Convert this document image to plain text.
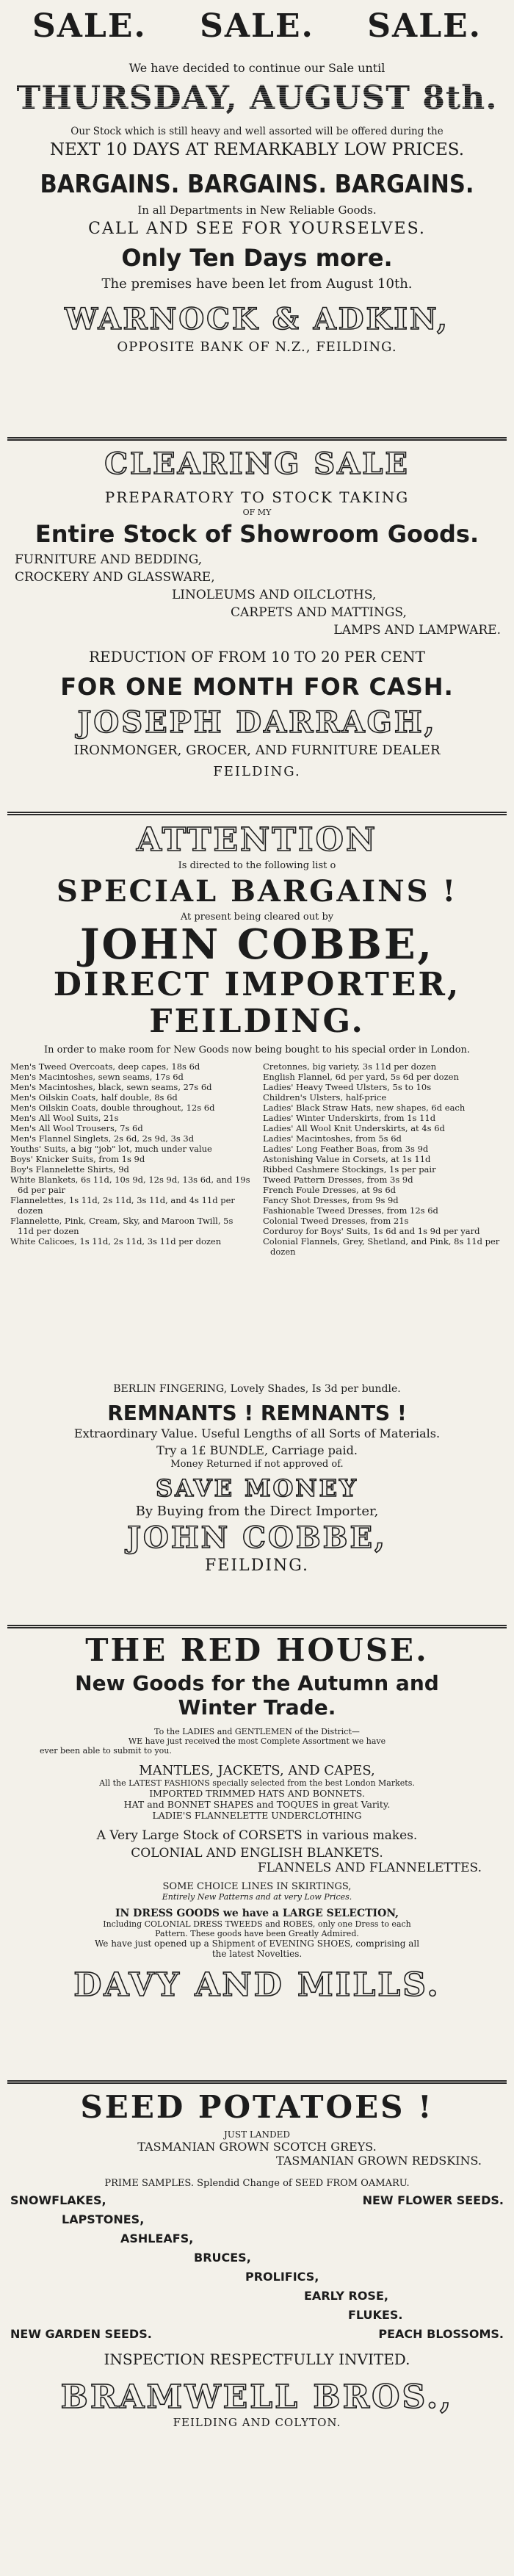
SALE. SALE. SALE.
We have decided to continue our Sale until
THURSDAY, AUGUST 8th.
Our Stock which is still heavy and well assorted will be offered during the
NEXT 10 DAYS AT REMARKABLY LOW PRICES.
BARGAINS. BARGAINS. BARGAINS.
In all Departments in New Reliable Goods.
CALL AND SEE FOR YOURSELVES.
Only Ten Days more.
The premises have been let from August 10th.
WARNOCK & ADKIN,
OPPOSITE BANK OF N.Z., FEILDING.
CLEARING SALE
PREPARATORY TO STOCK TAKING
OF MY
Entire Stock of Showroom Goods.
FURNITURE AND BEDDING,
CROCKERY AND GLASSWARE,
LINOLEUMS AND OILCLOTHS,
CARPETS AND MATTINGS,
LAMPS AND LAMPWARE.
REDUCTION OF FROM 10 TO 20 PER CENT
FOR ONE MONTH FOR CASH.
JOSEPH DARRAGH,
IRONMONGER, GROCER, AND FURNITURE DEALER
FEILDING.
ATTENTION
Is directed to the following list o
SPECIAL BARGAINS !
At present being cleared out by
JOHN COBBE,
DIRECT IMPORTER,
FEILDING.
In order to make room for New Goods now being bought to his special order in London.
Men's Tweed Overcoats, deep capes, 18s 6d
Men's Macintoshes, sewn seams, 17s 6d
Men's Macintoshes, black, sewn seams, 27s 6d
Men's Oilskin Coats, half double, 8s 6d
Men's Oilskin Coats, double throughout, 12s 6d
Men's All Wool Suits, 21s
Men's All Wool Trousers, 7s 6d
Men's Flannel Singlets, 2s 6d, 2s 9d, 3s 3d
Youths' Suits, a big "job" lot, much under value
Boys' Knicker Suits, from 1s 9d
Boy's Flannelette Shirts, 9d
White Blankets, 6s 11d, 10s 9d, 12s 9d, 13s 6d, and 19s 6d per pair
Flannelettes, 1s 11d, 2s 11d, 3s 11d, and 4s 11d per dozen
Flannelette, Pink, Cream, Sky, and Maroon Twill, 5s 11d per dozen
White Calicoes, 1s 11d, 2s 11d, 3s 11d per dozen
Cretonnes, big variety, 3s 11d per dozen
English Flannel, 6d per yard, 5s 6d per dozen
Ladies' Heavy Tweed Ulsters, 5s to 10s
Children's Ulsters, half-price
Ladies' Black Straw Hats, new shapes, 6d each
Ladies' Winter Underskirts, from 1s 11d
Ladies' All Wool Knit Underskirts, at 4s 6d
Ladies' Macintoshes, from 5s 6d
Ladies' Long Feather Boas, from 3s 9d
Astonishing Value in Corsets, at 1s 11d
Ribbed Cashmere Stockings, 1s per pair
Tweed Pattern Dresses, from 3s 9d
French Foule Dresses, at 9s 6d
Fancy Shot Dresses, from 9s 9d
Fashionable Tweed Dresses, from 12s 6d
Colonial Tweed Dresses, from 21s
Corduroy for Boys' Suits, 1s 6d and 1s 9d per yard
Colonial Flannels, Grey, Shetland, and Pink, 8s 11d per dozen
BERLIN FINGERING, Lovely Shades, Is 3d per bundle.
REMNANTS ! REMNANTS !
Extraordinary Value. Useful Lengths of all Sorts of Materials.
Try a 1£ BUNDLE, Carriage paid.
Money Returned if not approved of.
SAVE MONEY
By Buying from the Direct Importer,
JOHN COBBE,
FEILDING.
THE RED HOUSE.
New Goods for the Autumn and
Winter Trade.
To the LADIES and GENTLEMEN of the District—
WE have just received the most Complete Assortment we have
ever been able to submit to you.
MANTLES, JACKETS, AND CAPES,
All the LATEST FASHIONS specially selected from the best London Markets.
IMPORTED TRIMMED HATS AND BONNETS.
HAT and BONNET SHAPES and TOQUES in great Varity.
LADIE'S FLANNELETTE UNDERCLOTHING
A Very Large Stock of CORSETS in various makes.
COLONIAL AND ENGLISH BLANKETS.
FLANNELS AND FLANNELETTES.
SOME CHOICE LINES IN SKIRTINGS,
Entirely New Patterns and at very Low Prices.
IN DRESS GOODS we have a LARGE SELECTION,
Including COLONIAL DRESS TWEEDS and ROBES, only one Dress to each
Pattern. These goods have been Greatly Admired.
We have just opened up a Shipment of EVENING SHOES, comprising all
the latest Novelties.
DAVY AND MILLS.
SEED POTATOES !
JUST LANDED
TASMANIAN GROWN SCOTCH GREYS.
TASMANIAN GROWN REDSKINS.
PRIME SAMPLES. Splendid Change of SEED FROM OAMARU.
SNOWFLAKES,	NEW FLOWER SEEDS.
LAPSTONES,
ASHLEAFS,
BRUCES,
PROLIFICS,
EARLY ROSE,
FLUKES.
NEW GARDEN SEEDS.	PEACH BLOSSOMS.
INSPECTION RESPECTFULLY INVITED.
BRAMWELL BROS.,
FEILDING AND COLYTON.
